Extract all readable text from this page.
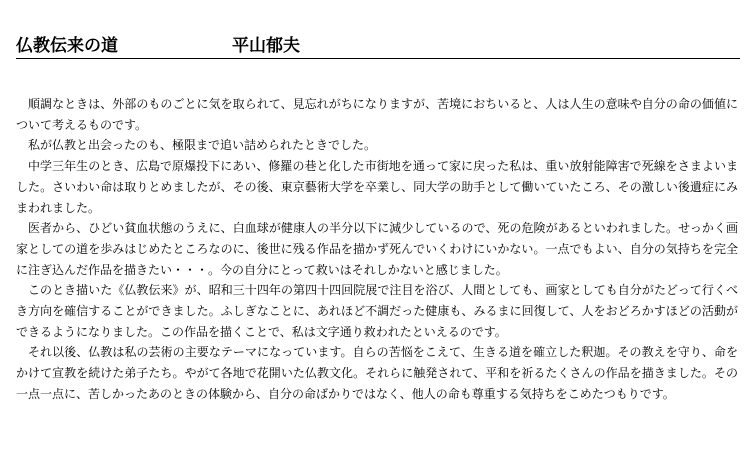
仏教伝来の道	平山郁夫

順調なときは、外部のものごとに気を取られて、見忘れがちになりますが、苦境におちいると、人は人生の意味や自分の命の価値について考えるものです。

私が仏教と出会ったのも、極限まで追い詰められたときでした。

中学三年生のとき、広島で原爆投下にあい、修羅の巷と化した市街地を通って家に戻った私は、重い放射能障害で死線をさまよいました。さいわい命は取りとめましたが、その後、東京藝術大学を卒業し、同大学の助手として働いていたころ、その激しい後遺症にみまわれました。

医者から、ひどい貧血状態のうえに、白血球が健康人の半分以下に減少しているので、死の危険があるといわれました。せっかく画家としての道を歩みはじめたところなのに、後世に残る作品を描かず死んでいくわけにいかない。一点でもよい、自分の気持ちを完全に注ぎ込んだ作品を描きたい・・・。今の自分にとって救いはそれしかないと感じました。

このとき描いた《仏教伝来》が、昭和三十四年の第四十四回院展で注目を浴び、人間としても、画家としても自分がたどって行くべき方向を確信することができました。ふしぎなことに、あれほど不調だった健康も、みるまに回復して、人をおどろかすほどの活動ができるようになりました。この作品を描くことで、私は文字通り救われたといえるのです。

それ以後、仏教は私の芸術の主要なテーマになっています。自らの苦悩をこえて、生きる道を確立した釈迦。その教えを守り、命をかけて宣教を続けた弟子たち。やがて各地で花開いた仏教文化。それらに触発されて、平和を祈るたくさんの作品を描きました。その一点一点に、苦しかったあのときの体験から、自分の命ばかりではなく、他人の命も尊重する気持ちをこめたつもりです。
